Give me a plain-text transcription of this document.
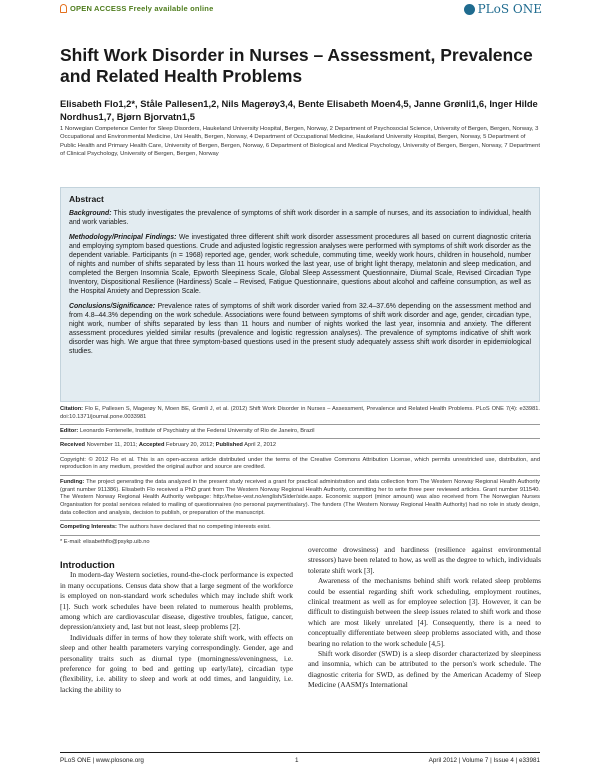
OPEN ACCESS Freely available online	PLoS ONE
Shift Work Disorder in Nurses – Assessment, Prevalence and Related Health Problems

Elisabeth Flo1,2*, Ståle Pallesen1,2, Nils Magerøy3,4, Bente Elisabeth Moen4,5, Janne Grønli1,6, Inger Hilde Nordhus1,7, Bjørn Bjorvatn1,5

1 Norwegian Competence Center for Sleep Disorders, Haukeland University Hospital, Bergen, Norway, 2 Department of Psychosocial Science, University of Bergen, Bergen, Norway, 3 Occupational and Environmental Medicine, Uni Health, Bergen, Norway, 4 Department of Occupational Medicine, Haukeland University Hospital, Bergen, Norway, 5 Department of Public Health and Primary Health Care, University of Bergen, Bergen, Norway, 6 Department of Biological and Medical Psychology, University of Bergen, Bergen, Norway, 7 Department of Clinical Psychology, University of Bergen, Bergen, Norway

Abstract

Background: This study investigates the prevalence of symptoms of shift work disorder in a sample of nurses, and its association to individual, health and work variables.

Methodology/Principal Findings: We investigated three different shift work disorder assessment procedures all based on current diagnostic criteria and employing symptom based questions. Crude and adjusted logistic regression analyses were performed with symptoms of shift work disorder as the dependent variable. Participants (n = 1968) reported age, gender, work schedule, commuting time, weekly work hours, children in household, number of nights and number of shifts separated by less than 11 hours worked the last year, use of bright light therapy, melatonin and sleep medication, and completed the Bergen Insomnia Scale, Epworth Sleepiness Scale, Global Sleep Assessment Questionnaire, Diurnal Scale, Revised Circadian Type Inventory, Dispositional Resilience (Hardiness) Scale – Revised, Fatigue Questionnaire, questions about alcohol and caffeine consumption, as well as the Hospital Anxiety and Depression Scale.

Conclusions/Significance: Prevalence rates of symptoms of shift work disorder varied from 32.4–37.6% depending on the assessment method and from 4.8–44.3% depending on the work schedule. Associations were found between symptoms of shift work disorder and age, gender, circadian type, night work, number of shifts separated by less than 11 hours and number of nights worked the last year, insomnia and anxiety. The different assessment procedures yielded similar results (prevalence and logistic regression analyses). The prevalence of symptoms indicative of shift work disorder was high. We argue that three symptom-based questions used in the present study adequately assess shift work disorder in epidemiological studies.

Citation: Flo E, Pallesen S, Magerøy N, Moen BE, Grønli J, et al. (2012) Shift Work Disorder in Nurses – Assessment, Prevalence and Related Health Problems. PLoS ONE 7(4): e33981. doi:10.1371/journal.pone.0033981

Editor: Leonardo Fontenelle, Institute of Psychiatry at the Federal University of Rio de Janeiro, Brazil

Received November 11, 2011; Accepted February 20, 2012; Published April 2, 2012

Copyright: © 2012 Flo et al. This is an open-access article distributed under the terms of the Creative Commons Attribution License, which permits unrestricted use, distribution, and reproduction in any medium, provided the original author and source are credited.

Funding: The project generating the data analyzed in the present study received a grant for practical administration and data collection from The Western Norway Regional Health Authority (grant number 911386). Elisabeth Flo received a PhD grant from The Western Norway Regional Health Authority, committing her to write three peer reviewed articles. Grant number 911540. The Western Norway Regional Health Authority webpage: http://helse-vest.no/english/Sider/side.aspx. Economic support (minor amount) was also received from The Norwegian Nurses Organisation for postal services related to mailing of questionnaires (no personal payment/salary). The funders (The Western Norway Regional Health Authority) had no role in study design, data collection and analysis, decision to publish, or preparation of the manuscript.

Competing Interests: The authors have declared that no competing interests exist.

* E-mail: elisabethflo@psykp.uib.no

Introduction

In modern-day Western societies, round-the-clock performance is expected in many occupations. Census data show that a large segment of the workforce is employed on non-standard work schedules which may include shift work [1]. Such work schedules have been related to numerous health problems, among which are cardiovascular disease, digestive troubles, fatigue, cancer, depression/anxiety and, last but not least, sleep problems [2].

Individuals differ in terms of how they tolerate shift work, with effects on sleep and other health parameters varying correspondingly. Gender, age and personality traits such as diurnal type (morningness/eveningness, i.e. preference for going to bed and getting up early/late), circadian type (flexibility, i.e. ability to sleep and work at odd times, and languidity, i.e. lacking the ability to

overcome drowsiness) and hardiness (resilience against environmental stressors) have been related to how, as well as the degree to which, individuals tolerate shift work [3].

Awareness of the mechanisms behind shift work related sleep problems could be essential regarding shift work scheduling, employment routines, clinical treatment as well as for employee selection [3]. However, it can be difficult to distinguish between the sleep issues related to shift work and those which are most likely unrelated [4]. Consequently, there is a need to conceptually differentiate between sleep problems associated with, and those bearing no relation to the work schedule [4,5].

Shift work disorder (SWD) is a sleep disorder characterized by sleepiness and insomnia, which can be attributed to the person's work schedule. The diagnostic criteria for SWD, as defined by the American Academy of Sleep Medicine (AASM)'s International

PLoS ONE | www.plosone.org	1	April 2012 | Volume 7 | Issue 4 | e33981
